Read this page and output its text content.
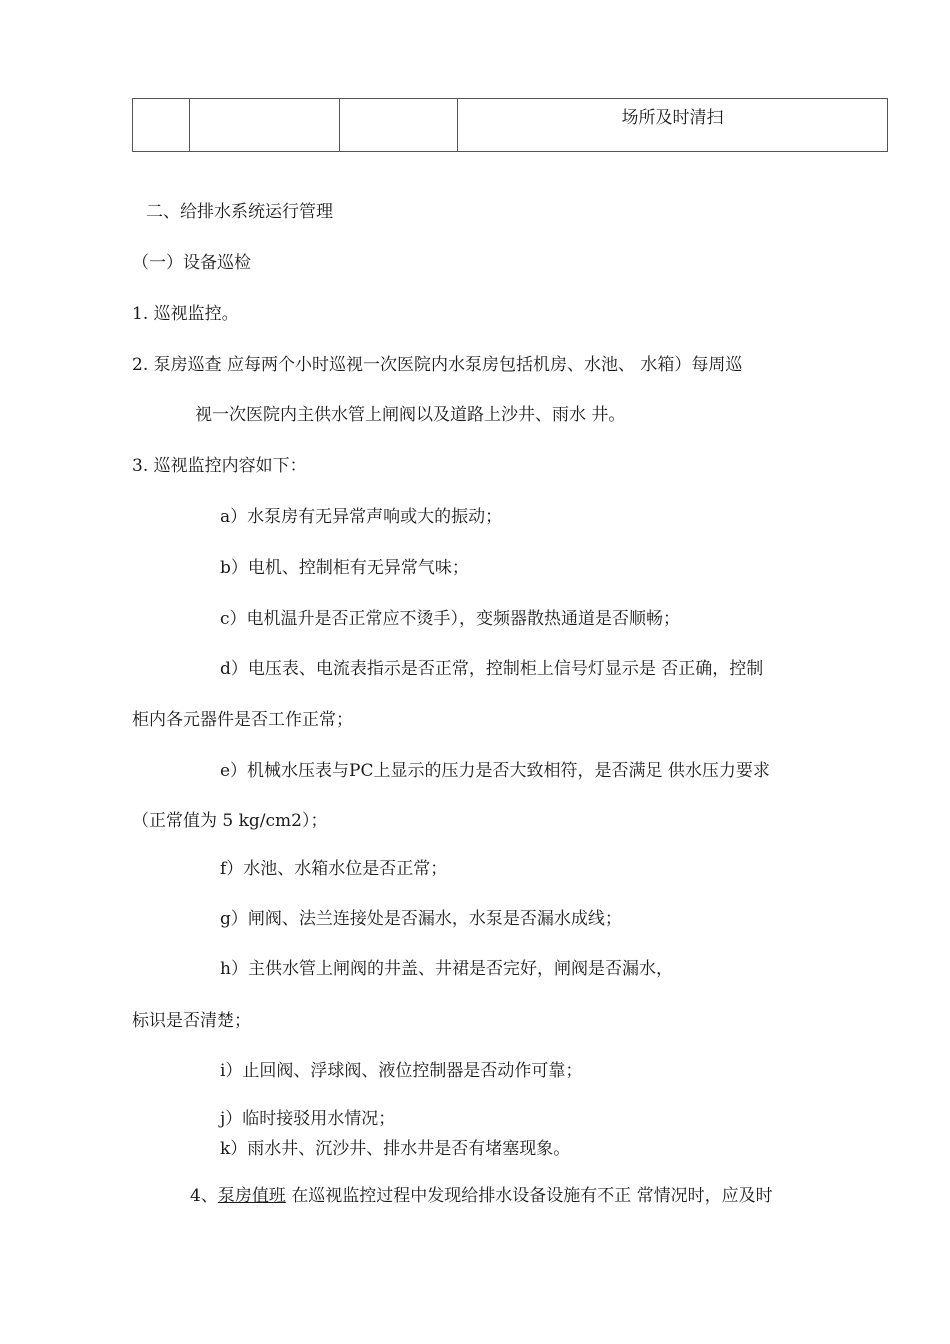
			场所及时清扫
二、给排水系统运行管理
（一）设备巡检
1. 巡视监控。
2. 泵房巡查 应每两个小时巡视一次医院内水泵房包括机房、水池、 水箱）每周巡
视一次医院内主供水管上闸阀以及道路上沙井、雨水 井。
3. 巡视监控内容如下：
a）水泵房有无异常声响或大的振动；
b）电机、控制柜有无异常气味；
c）电机温升是否正常应不烫手），变频器散热通道是否顺畅；
d）电压表、电流表指示是否正常，控制柜上信号灯显示是 否正确，控制
柜内各元器件是否工作正常；
e）机械水压表与PC上显示的压力是否大致相符，是否满足 供水压力要求
（正常值为 5 kg/cm2）；
f）水池、水箱水位是否正常；
g）闸阀、法兰连接处是否漏水，水泵是否漏水成线；
h）主供水管上闸阀的井盖、井裙是否完好，闸阀是否漏水，
标识是否清楚；
i）止回阀、浮球阀、液位控制器是否动作可靠；
j）临时接驳用水情况；
k）雨水井、沉沙井、排水井是否有堵塞现象。
4、泵房值班 在巡视监控过程中发现给排水设备设施有不正 常情况时，应及时
